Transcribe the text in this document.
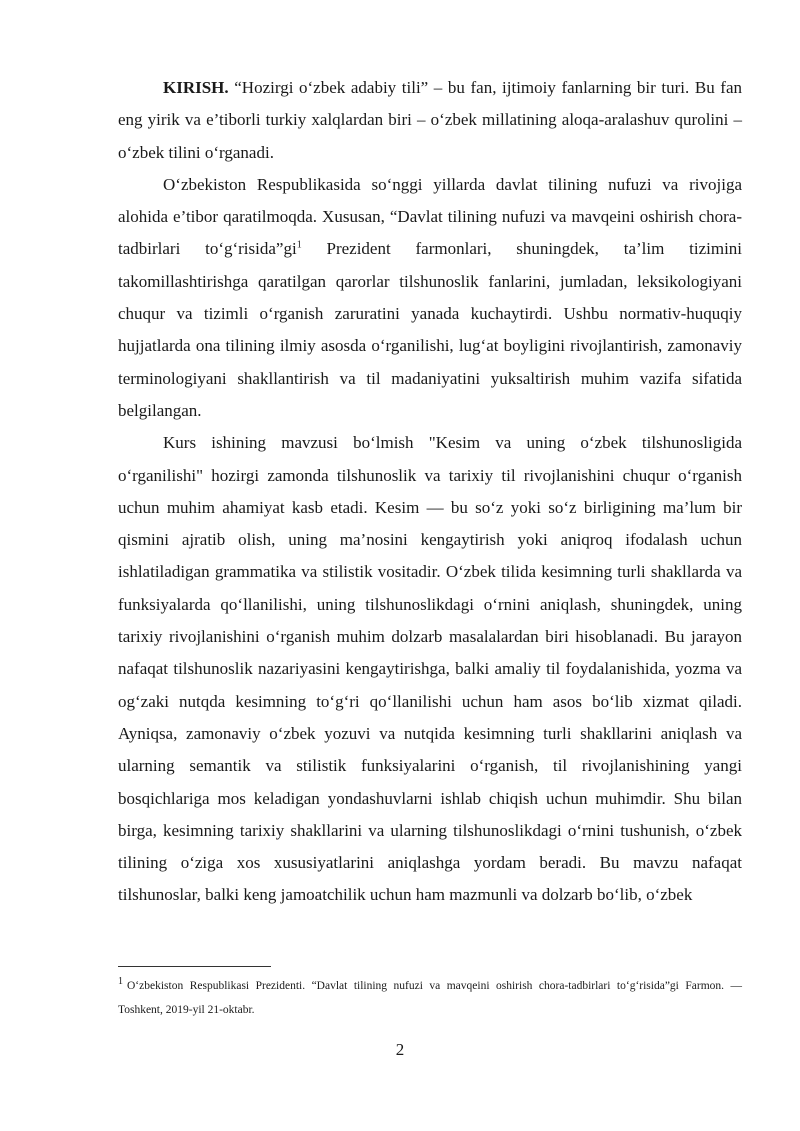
KIRISH. “Hozirgi oʻzbek adabiy tili” – bu fan, ijtimoiy fanlarning bir turi. Bu fan eng yirik va e’tiborli turkiy xalqlardan biri – oʻzbek millatining aloqa-aralashuv qurolini – oʻzbek tilini oʻrganadi.

Oʻzbekiston Respublikasida soʻnggi yillarda davlat tilining nufuzi va rivojiga alohida e’tibor qaratilmoqda. Xususan, “Davlat tilining nufuzi va mavqeini oshirish chora-tadbirlari toʻgʻrisida”gi$^1$ Prezident farmonlari, shuningdek, ta’lim tizimini takomillashtirishga qaratilgan qarorlar tilshunoslik fanlarini, jumladan, leksikologiyani chuqur va tizimli oʻrganish zaruratini yanada kuchaytirdi. Ushbu normativ-huquqiy hujjatlarda ona tilining ilmiy asosda oʻrganilishi, lugʻat boyligini rivojlantirish, zamonaviy terminologiyani shakllantirish va til madaniyatini yuksaltirish muhim vazifa sifatida belgilangan.

Kurs ishining mavzusi boʻlmish "Kesim va uning oʻzbek tilshunosligida oʻrganilishi" hozirgi zamonda tilshunoslik va tarixiy til rivojlanishini chuqur oʻrganish uchun muhim ahamiyat kasb etadi. Kesim — bu soʻz yoki soʻz birligining ma’lum bir qismini ajratib olish, uning ma’nosini kengaytirish yoki aniqroq ifodalash uchun ishlatiladigan grammatika va stilistik vositadir. Oʻzbek tilida kesimning turli shakllarda va funksiyalarda qoʻllanilishi, uning tilshunoslikdagi oʻrnini aniqlash, shuningdek, uning tarixiy rivojlanishini oʻrganish muhim dolzarb masalalardan biri hisoblanadi. Bu jarayon nafaqat tilshunoslik nazariyasini kengaytirishga, balki amaliy til foydalanishida, yozma va ogʻzaki nutqda kesimning toʻgʻri qoʻllanilishi uchun ham asos boʻlib xizmat qiladi. Ayniqsa, zamonaviy oʻzbek yozuvi va nutqida kesimning turli shakllarini aniqlash va ularning semantik va stilistik funksiyalarini oʻrganish, til rivojlanishining yangi bosqichlariga mos keladigan yondashuvlarni ishlab chiqish uchun muhimdir. Shu bilan birga, kesimning tarixiy shakllarini va ularning tilshunoslikdagi oʻrnini tushunish, oʻzbek tilining oʻziga xos xususiyatlarini aniqlashga yordam beradi. Bu mavzu nafaqat tilshunoslar, balki keng jamoatchilik uchun ham mazmunli va dolzarb boʻlib, oʻzbek

$^1$ Oʻzbekiston Respublikasi Prezidenti. “Davlat tilining nufuzi va mavqeini oshirish chora-tadbirlari toʻgʻrisida”gi Farmon. — Toshkent, 2019-yil 21-oktabr.
2
